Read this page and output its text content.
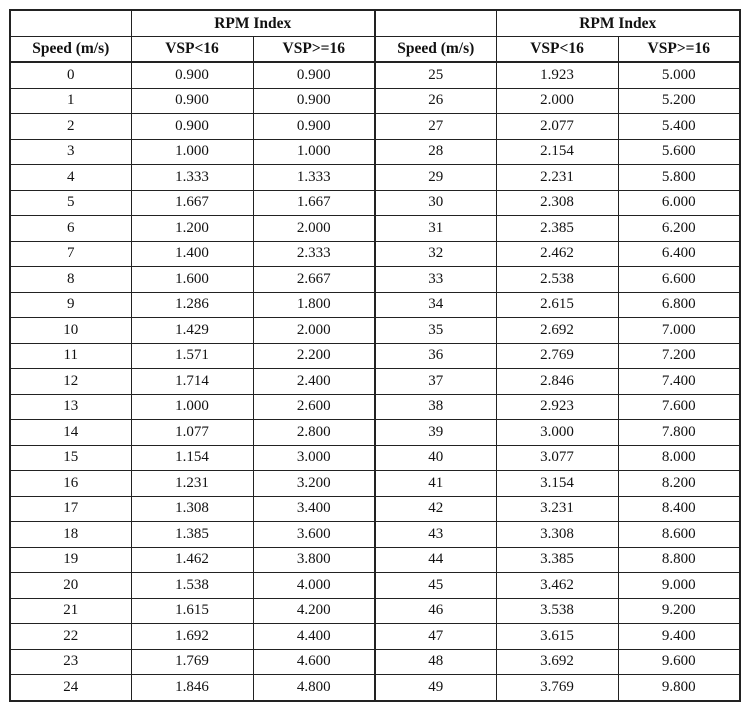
	RPM Index			RPM Index	
Speed (m/s)	VSP<16	VSP>=16	Speed (m/s)	VSP<16	VSP>=16
0	0.900	0.900	25	1.923	5.000
1	0.900	0.900	26	2.000	5.200
2	0.900	0.900	27	2.077	5.400
3	1.000	1.000	28	2.154	5.600
4	1.333	1.333	29	2.231	5.800
5	1.667	1.667	30	2.308	6.000
6	1.200	2.000	31	2.385	6.200
7	1.400	2.333	32	2.462	6.400
8	1.600	2.667	33	2.538	6.600
9	1.286	1.800	34	2.615	6.800
10	1.429	2.000	35	2.692	7.000
11	1.571	2.200	36	2.769	7.200
12	1.714	2.400	37	2.846	7.400
13	1.000	2.600	38	2.923	7.600
14	1.077	2.800	39	3.000	7.800
15	1.154	3.000	40	3.077	8.000
16	1.231	3.200	41	3.154	8.200
17	1.308	3.400	42	3.231	8.400
18	1.385	3.600	43	3.308	8.600
19	1.462	3.800	44	3.385	8.800
20	1.538	4.000	45	3.462	9.000
21	1.615	4.200	46	3.538	9.200
22	1.692	4.400	47	3.615	9.400
23	1.769	4.600	48	3.692	9.600
24	1.846	4.800	49	3.769	9.800
